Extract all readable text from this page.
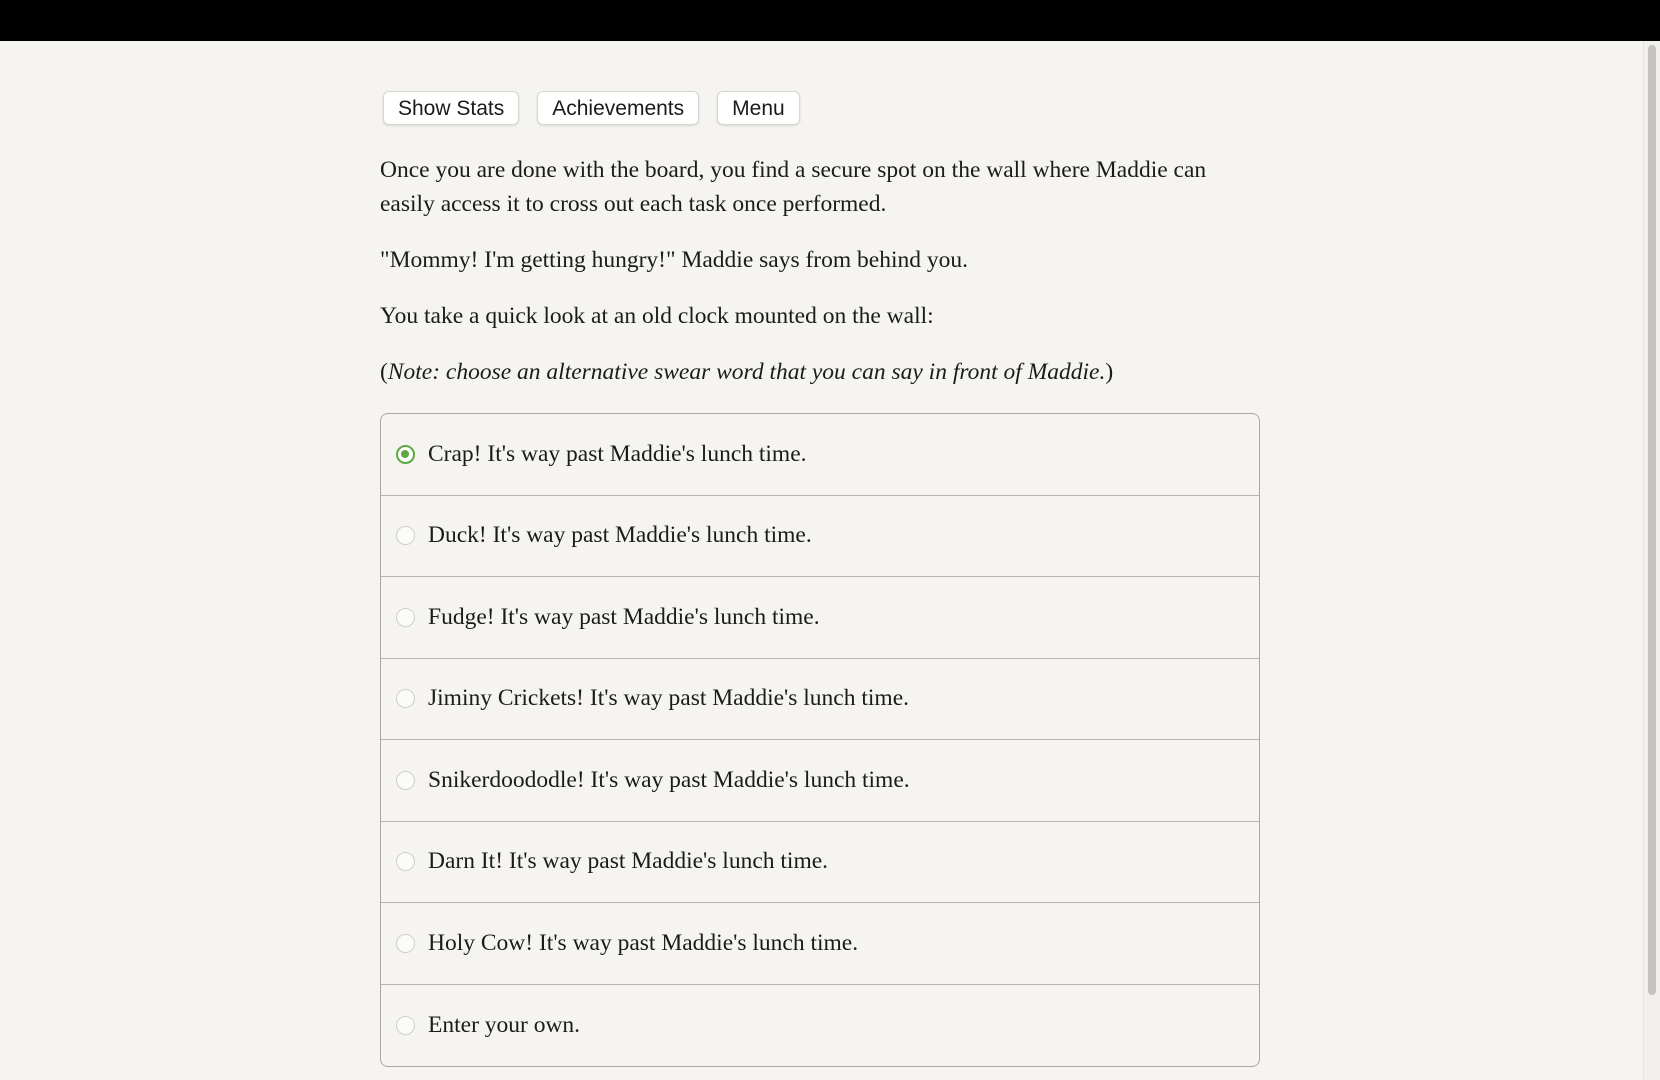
Show Stats	Achievements	Menu

Once you are done with the board, you find a secure spot on the wall where Maddie can easily access it to cross out each task once performed.

"Mommy! I'm getting hungry!" Maddie says from behind you.

You take a quick look at an old clock mounted on the wall:

(Note: choose an alternative swear word that you can say in front of Maddie.)

Crap! It's way past Maddie's lunch time.
Duck! It's way past Maddie's lunch time.
Fudge! It's way past Maddie's lunch time.
Jiminy Crickets! It's way past Maddie's lunch time.
Snikerdoododle! It's way past Maddie's lunch time.
Darn It! It's way past Maddie's lunch time.
Holy Cow! It's way past Maddie's lunch time.
Enter your own.
